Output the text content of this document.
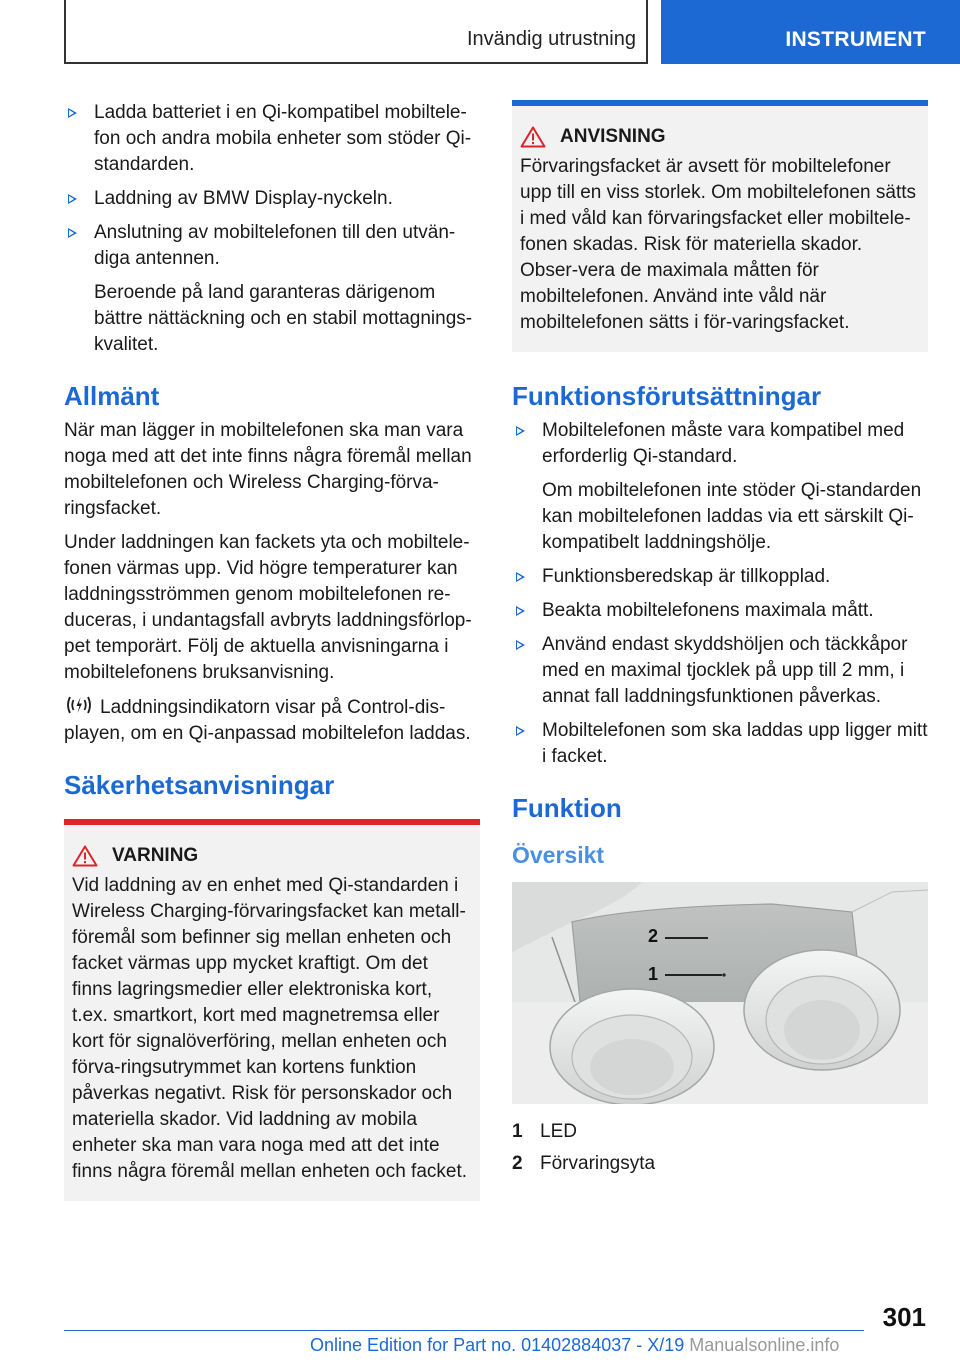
Invändig utrustning	INSTRUMENT
Ladda batteriet i en Qi-kompatibel mobiltele-fon och andra mobila enheter som stöder Qi-standarden.
Laddning av BMW Display-nyckeln.
Anslutning av mobiltelefonen till den utvän-diga antennen.
Beroende på land garanteras därigenom bättre nättäckning och en stabil mottagnings-kvalitet.
Allmänt

När man lägger in mobiltelefonen ska man vara noga med att det inte finns några föremål mellan mobiltelefonen och Wireless Charging-förva-ringsfacket.

Under laddningen kan fackets yta och mobiltele-fonen värmas upp. Vid högre temperaturer kan laddningsströmmen genom mobiltelefonen re-duceras, i undantagsfall avbryts laddningsförlop-pet temporärt. Följ de aktuella anvisningarna i mobiltelefonens bruksanvisning.

Laddningsindikatorn visar på Control-dis-playen, om en Qi-anpassad mobiltelefon laddas.

Säkerhetsanvisningar
VARNING
Vid laddning av en enhet med Qi-standarden i Wireless Charging-förvaringsfacket kan metall-föremål som befinner sig mellan enheten och facket värmas upp mycket kraftigt. Om det finns lagringsmedier eller elektroniska kort, t.ex. smartkort, kort med magnetremsa eller kort för signalöverföring, mellan enheten och förva-ringsutrymmet kan kortens funktion påverkas negativt. Risk för personskador och materiella skador. Vid laddning av mobila enheter ska man vara noga med att det inte finns några föremål mellan enheten och facket.
ANVISNING
Förvaringsfacket är avsett för mobiltelefoner upp till en viss storlek. Om mobiltelefonen sätts i med våld kan förvaringsfacket eller mobiltele-fonen skadas. Risk för materiella skador. Obser-vera de maximala måtten för mobiltelefonen. Använd inte våld när mobiltelefonen sätts i för-varingsfacket.
Funktionsförutsättningar
Mobiltelefonen måste vara kompatibel med erforderlig Qi-standard.
Om mobiltelefonen inte stöder Qi-standarden kan mobiltelefonen laddas via ett särskilt Qi-kompatibelt laddningshölje.
Funktionsberedskap är tillkopplad.
Beakta mobiltelefonens maximala mått.
Använd endast skyddshöljen och täckkåpor med en maximal tjocklek på upp till 2 mm, i annat fall laddningsfunktionen påverkas.
Mobiltelefonen som ska laddas upp ligger mitt i facket.
Funktion
Översikt
2
1
1 LED
2 Förvaringsyta
301
Online Edition for Part no. 01402884037 - X/19 Manualsonline.info
